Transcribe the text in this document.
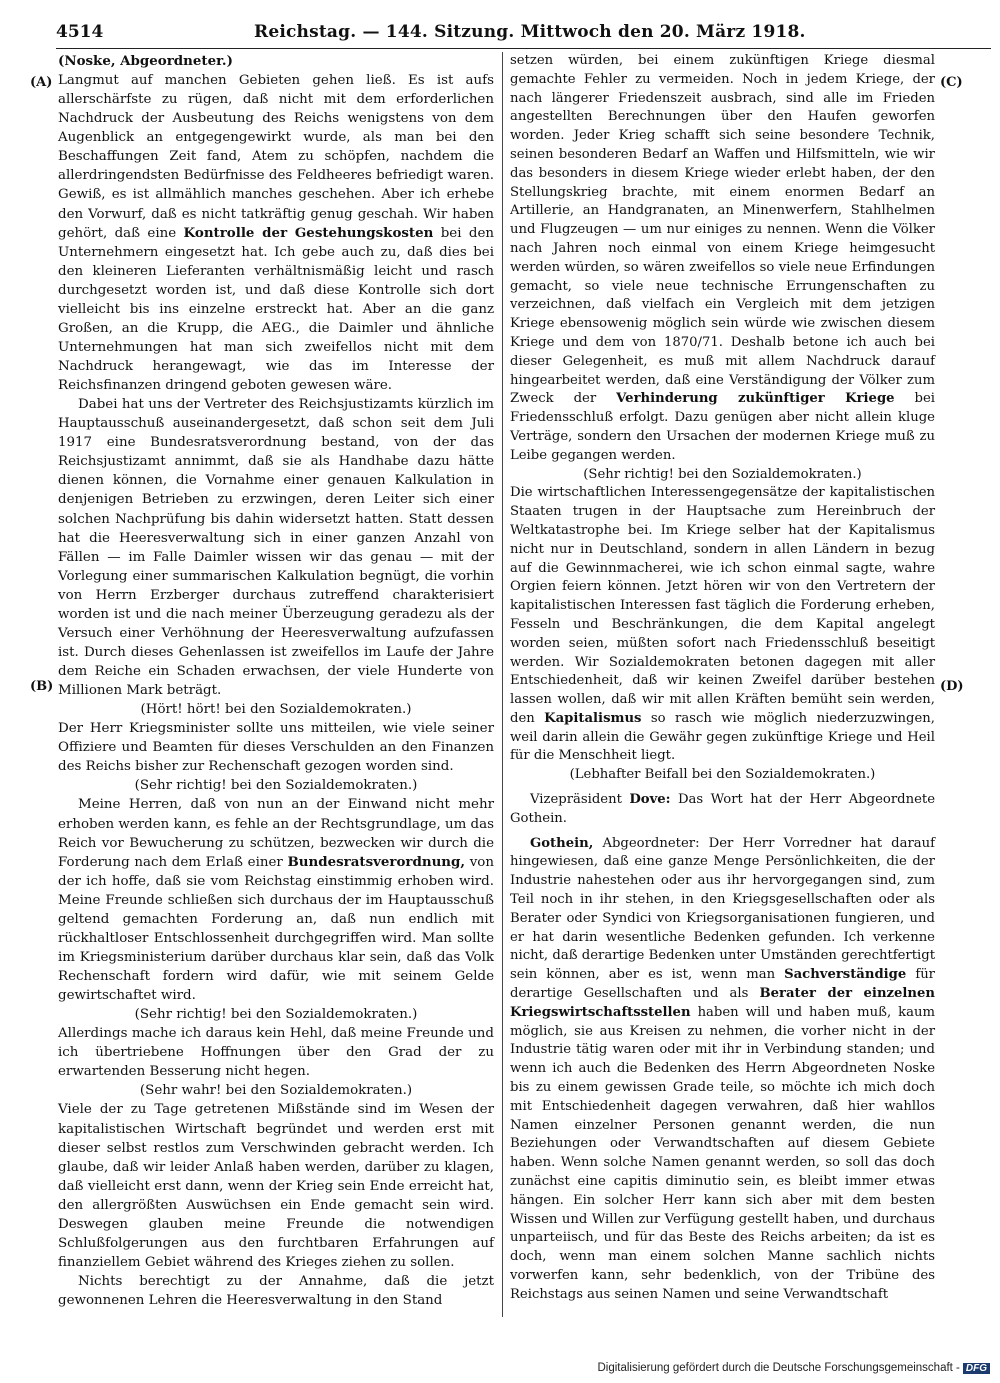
4514	Reichstag. — 144. Sitzung. Mittwoch den 20. März 1918.
(A)
(B)
(C)
(D)

(Noske, Abgeordneter.)

Langmut auf manchen Gebieten gehen ließ. Es ist aufs allerschärfste zu rügen, daß nicht mit dem erforderlichen Nachdruck der Ausbeutung des Reichs wenigstens von dem Augenblick an entgegengewirkt wurde, als man bei den Beschaffungen Zeit fand, Atem zu schöpfen, nachdem die allerdringendsten Bedürfnisse des Feldheeres befriedigt waren. Gewiß, es ist allmählich manches geschehen. Aber ich erhebe den Vorwurf, daß es nicht tatkräftig genug geschah. Wir haben gehört, daß eine Kontrolle der Gestehungskosten bei den Unternehmern eingesetzt hat. Ich gebe auch zu, daß dies bei den kleineren Lieferanten verhältnismäßig leicht und rasch durchgesetzt worden ist, und daß diese Kontrolle sich dort vielleicht bis ins einzelne erstreckt hat. Aber an die ganz Großen, an die Krupp, die AEG., die Daimler und ähnliche Unternehmungen hat man sich zweifellos nicht mit dem Nachdruck herangewagt, wie das im Interesse der Reichsfinanzen dringend geboten gewesen wäre.

Dabei hat uns der Vertreter des Reichsjustizamts kürzlich im Hauptausschuß auseinandergesetzt, daß schon seit dem Juli 1917 eine Bundesratsverordnung bestand, von der das Reichsjustizamt annimmt, daß sie als Handhabe dazu hätte dienen können, die Vornahme einer genauen Kalkulation in denjenigen Betrieben zu erzwingen, deren Leiter sich einer solchen Nachprüfung bis dahin widersetzt hatten. Statt dessen hat die Heeresverwaltung sich in einer ganzen Anzahl von Fällen — im Falle Daimler wissen wir das genau — mit der Vorlegung einer summarischen Kalkulation begnügt, die vorhin von Herrn Erzberger durchaus zutreffend charakterisiert worden ist und die nach meiner Überzeugung geradezu als der Versuch einer Verhöhnung der Heeresverwaltung aufzufassen ist. Durch dieses Gehenlassen ist zweifellos im Laufe der Jahre dem Reiche ein Schaden erwachsen, der viele Hunderte von Millionen Mark beträgt.

(Hört! hört! bei den Sozialdemokraten.)

Der Herr Kriegsminister sollte uns mitteilen, wie viele seiner Offiziere und Beamten für dieses Verschulden an den Finanzen des Reichs bisher zur Rechenschaft gezogen worden sind.

(Sehr richtig! bei den Sozialdemokraten.)

Meine Herren, daß von nun an der Einwand nicht mehr erhoben werden kann, es fehle an der Rechtsgrundlage, um das Reich vor Bewucherung zu schützen, bezwecken wir durch die Forderung nach dem Erlaß einer Bundesratsverordnung, von der ich hoffe, daß sie vom Reichstag einstimmig erhoben wird. Meine Freunde schließen sich durchaus der im Hauptausschuß geltend gemachten Forderung an, daß nun endlich mit rückhaltloser Entschlossenheit durchgegriffen wird. Man sollte im Kriegsministerium darüber durchaus klar sein, daß das Volk Rechenschaft fordern wird dafür, wie mit seinem Gelde gewirtschaftet wird.

(Sehr richtig! bei den Sozialdemokraten.)

Allerdings mache ich daraus kein Hehl, daß meine Freunde und ich übertriebene Hoffnungen über den Grad der zu erwartenden Besserung nicht hegen.

(Sehr wahr! bei den Sozialdemokraten.)

Viele der zu Tage getretenen Mißstände sind im Wesen der kapitalistischen Wirtschaft begründet und werden erst mit dieser selbst restlos zum Verschwinden gebracht werden. Ich glaube, daß wir leider Anlaß haben werden, darüber zu klagen, daß vielleicht erst dann, wenn der Krieg sein Ende erreicht hat, den allergrößten Auswüchsen ein Ende gemacht sein wird. Deswegen glauben meine Freunde die notwendigen Schlußfolgerungen aus den furchtbaren Erfahrungen auf finanziellem Gebiet während des Krieges ziehen zu sollen.

Nichts berechtigt zu der Annahme, daß die jetzt gewonnenen Lehren die Heeresverwaltung in den Stand

setzen würden, bei einem zukünftigen Kriege diesmal gemachte Fehler zu vermeiden. Noch in jedem Kriege, der nach längerer Friedenszeit ausbrach, sind alle im Frieden angestellten Berechnungen über den Haufen geworfen worden. Jeder Krieg schafft sich seine besondere Technik, seinen besonderen Bedarf an Waffen und Hilfsmitteln, wie wir das besonders in diesem Kriege wieder erlebt haben, der den Stellungskrieg brachte, mit einem enormen Bedarf an Artillerie, an Handgranaten, an Minenwerfern, Stahlhelmen und Flugzeugen — um nur einiges zu nennen. Wenn die Völker nach Jahren noch einmal von einem Kriege heimgesucht werden würden, so wären zweifellos so viele neue Erfindungen gemacht, so viele neue technische Errungenschaften zu verzeichnen, daß vielfach ein Vergleich mit dem jetzigen Kriege ebensowenig möglich sein würde wie zwischen diesem Kriege und dem von 1870/71. Deshalb betone ich auch bei dieser Gelegenheit, es muß mit allem Nachdruck darauf hingearbeitet werden, daß eine Verständigung der Völker zum Zweck der Verhinderung zukünftiger Kriege bei Friedensschluß erfolgt. Dazu genügen aber nicht allein kluge Verträge, sondern den Ursachen der modernen Kriege muß zu Leibe gegangen werden.

(Sehr richtig! bei den Sozialdemokraten.)

Die wirtschaftlichen Interessengegensätze der kapitalistischen Staaten trugen in der Hauptsache zum Hereinbruch der Weltkatastrophe bei. Im Kriege selber hat der Kapitalismus nicht nur in Deutschland, sondern in allen Ländern in bezug auf die Gewinnmacherei, wie ich schon einmal sagte, wahre Orgien feiern können. Jetzt hören wir von den Vertretern der kapitalistischen Interessen fast täglich die Forderung erheben, Fesseln und Beschränkungen, die dem Kapital angelegt worden seien, müßten sofort nach Friedensschluß beseitigt werden. Wir Sozialdemokraten betonen dagegen mit aller Entschiedenheit, daß wir keinen Zweifel darüber bestehen lassen wollen, daß wir mit allen Kräften bemüht sein werden, den Kapitalismus so rasch wie möglich niederzuzwingen, weil darin allein die Gewähr gegen zukünftige Kriege und Heil für die Menschheit liegt.

(Lebhafter Beifall bei den Sozialdemokraten.)

Vizepräsident Dove: Das Wort hat der Herr Abgeordnete Gothein.

Gothein, Abgeordneter: Der Herr Vorredner hat darauf hingewiesen, daß eine ganze Menge Persönlichkeiten, die der Industrie nahestehen oder aus ihr hervorgegangen sind, zum Teil noch in ihr stehen, in den Kriegsgesellschaften oder als Berater oder Syndici von Kriegsorganisationen fungieren, und er hat darin wesentliche Bedenken gefunden. Ich verkenne nicht, daß derartige Bedenken unter Umständen gerechtfertigt sein können, aber es ist, wenn man Sachverständige für derartige Gesellschaften und als Berater der einzelnen Kriegswirtschaftsstellen haben will und haben muß, kaum möglich, sie aus Kreisen zu nehmen, die vorher nicht in der Industrie tätig waren oder mit ihr in Verbindung standen; und wenn ich auch die Bedenken des Herrn Abgeordneten Noske bis zu einem gewissen Grade teile, so möchte ich mich doch mit Entschiedenheit dagegen verwahren, daß hier wahllos Namen einzelner Personen genannt werden, die nun Beziehungen oder Verwandtschaften auf diesem Gebiete haben. Wenn solche Namen genannt werden, so soll das doch zunächst eine capitis diminutio sein, es bleibt immer etwas hängen. Ein solcher Herr kann sich aber mit dem besten Wissen und Willen zur Verfügung gestellt haben, und durchaus unparteiisch, und für das Beste des Reichs arbeiten; da ist es doch, wenn man einem solchen Manne sachlich nichts vorwerfen kann, sehr bedenklich, von der Tribüne des Reichstags aus seinen Namen und seine Verwandtschaft

Digitalisierung gefördert durch die Deutsche Forschungsgemeinschaft - DFG
